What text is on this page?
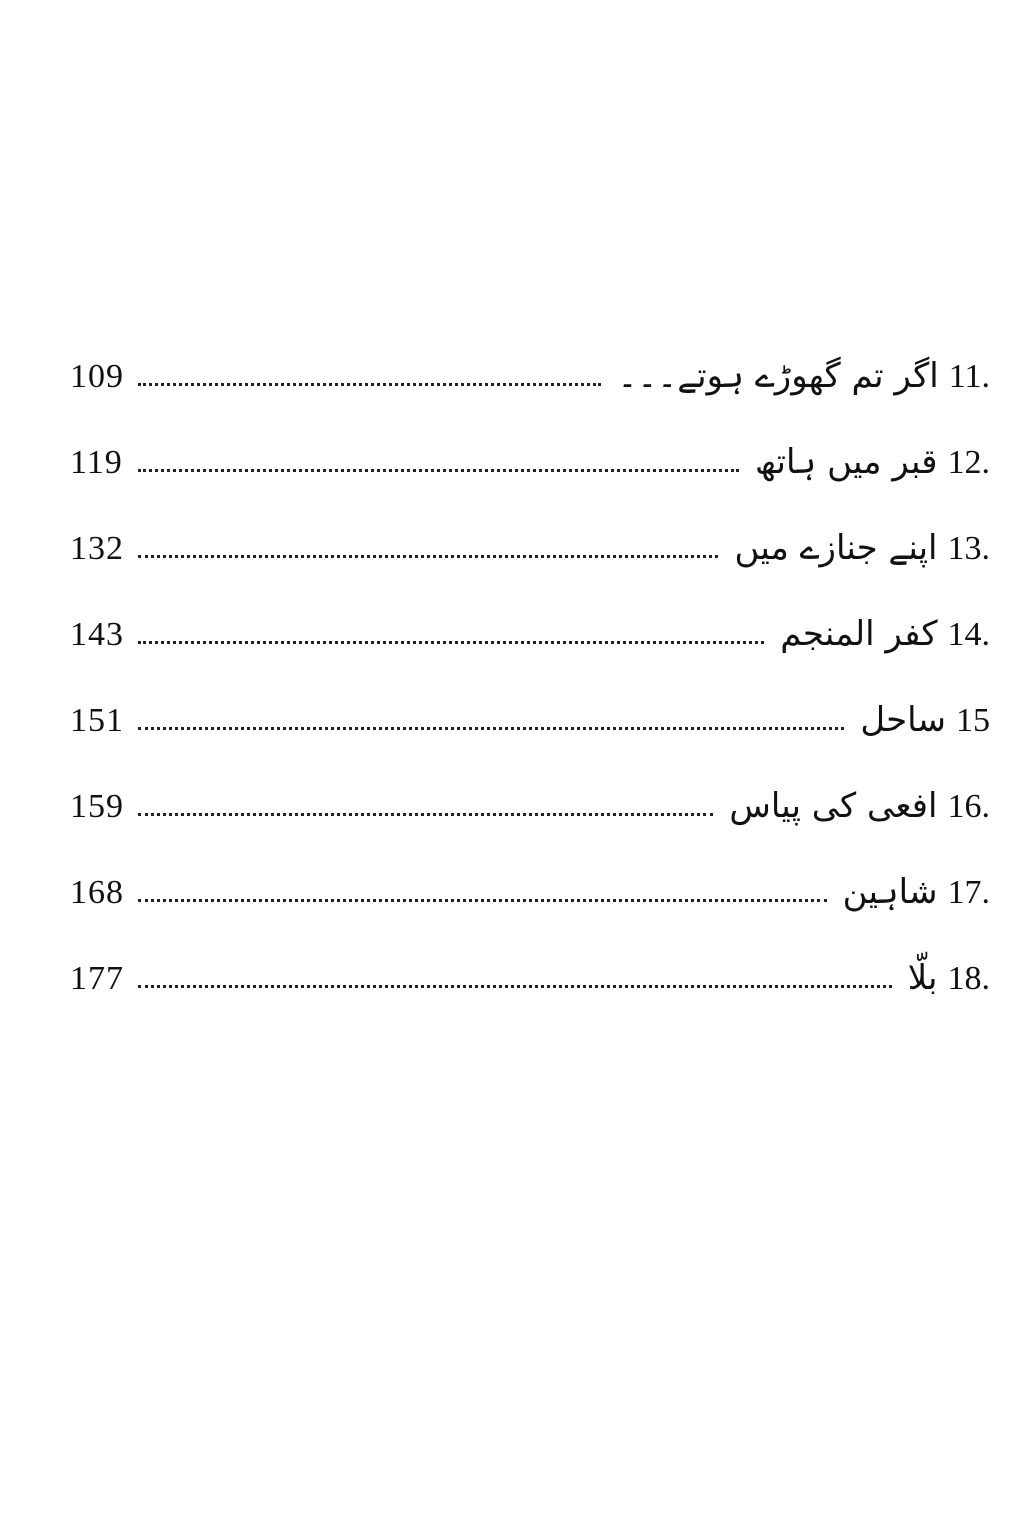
109	اگر تم گھوڑے ہوتے۔۔۔ 11.
119	قبر میں ہاتھ 12.
132	اپنے جنازے میں 13.
143	کفر المنجم 14.
151	ساحل 15
159	افعی کی پیاس 16.
168	شاہین 17.
177	بلّا 18.
